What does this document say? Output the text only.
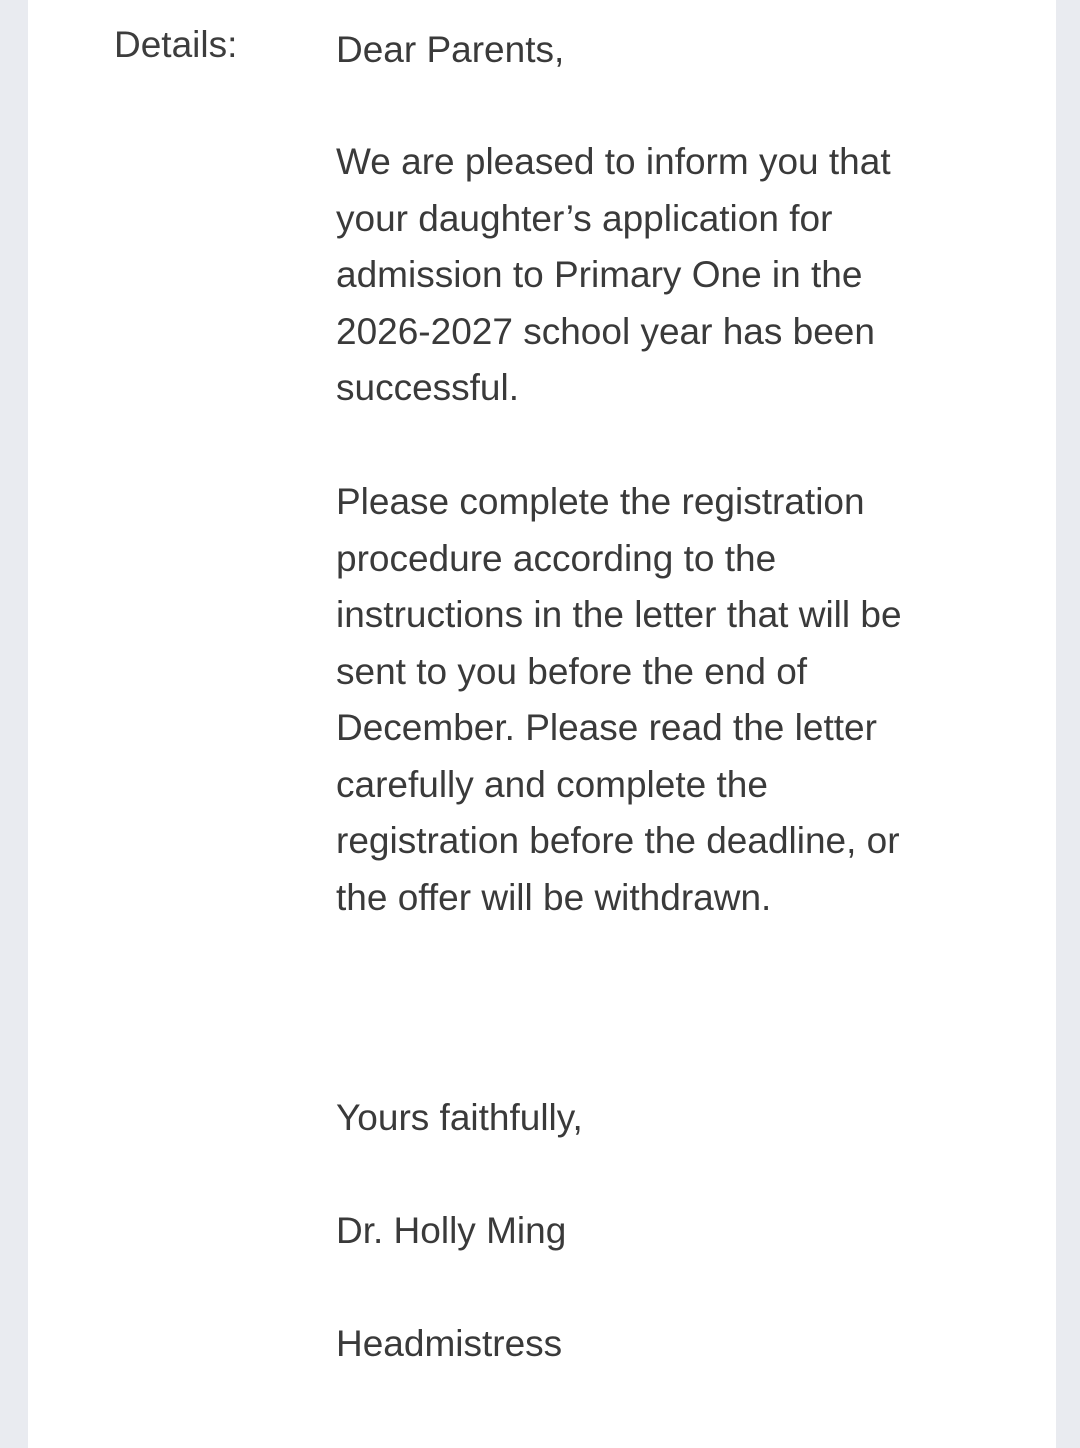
Details:	Dear Parents,

We are pleased to inform you that
your daughter’s application for
admission to Primary One in the
2026-2027 school year has been
successful.

Please complete the registration
procedure according to the
instructions in the letter that will be
sent to you before the end of
December. Please read the letter
carefully and complete the
registration before the deadline, or
the offer will be withdrawn.

Yours faithfully,

Dr. Holly Ming

Headmistress
